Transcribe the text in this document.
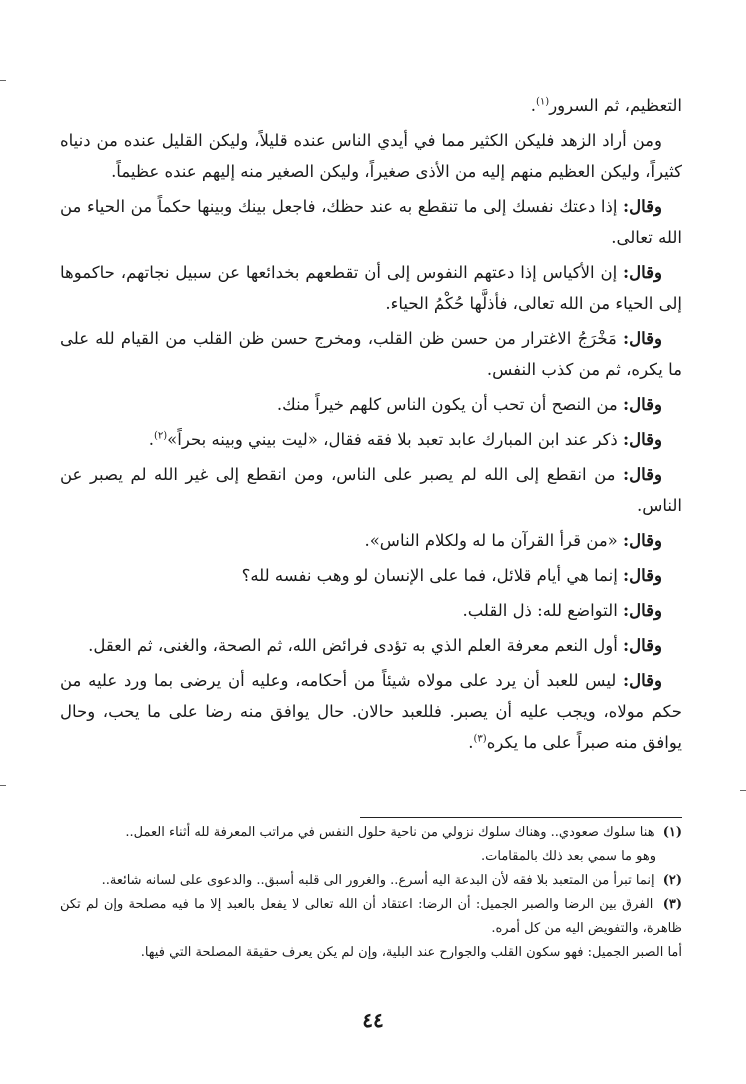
التعظيم، ثم السرور$^{(١)}$.

ومن أراد الزهد فليكن الكثير مما في أيدي الناس عنده قليلاً، وليكن القليل عنده من دنياه كثيراً، وليكن العظيم منهم إليه من الأذى صغيراً، وليكن الصغير منه إليهم عنده عظيماً.

وقال: إذا دعتك نفسك إلى ما تنقطع به عند حظك، فاجعل بينك وبينها حكماً من الحياء من الله تعالى.

وقال: إن الأكياس إذا دعتهم النفوس إلى أن تقطعهم بخدائعها عن سبيل نجاتهم، حاكموها إلى الحياء من الله تعالى، فأذلَّها حُكْمُ الحياء.

وقال: مَخْرَجُ الاغترار من حسن ظن القلب، ومخرج حسن ظن القلب من القيام لله على ما يكره، ثم من كذب النفس.

وقال: من النصح أن تحب أن يكون الناس كلهم خيراً منك.

وقال: ذكر عند ابن المبارك عابد تعبد بلا فقه فقال، «ليت بيني وبينه بحراً»$^{(٢)}$.

وقال: من انقطع إلى الله لم يصبر على الناس، ومن انقطع إلى غير الله لم يصبر عن الناس.

وقال: «من قرأ القرآن ما له ولكلام الناس».

وقال: إنما هي أيام قلائل، فما على الإنسان لو وهب نفسه لله؟

وقال: التواضع لله: ذل القلب.

وقال: أول النعم معرفة العلم الذي به تؤدى فرائض الله، ثم الصحة، والغنى، ثم العقل.

وقال: ليس للعبد أن يرد على مولاه شيئاً من أحكامه، وعليه أن يرضى بما ورد عليه من حكم مولاه، ويجب عليه أن يصبر. فللعبد حالان. حال يوافق منه رضا على ما يحب، وحال يوافق منه صبراً على ما يكره$^{(٣)}$.

(١) هنا سلوك صعودي.. وهناك سلوك نزولي من ناحية حلول النفس في مراتب المعرفة لله أثناء العمل..
وهو ما سمي بعد ذلك بالمقامات.

(٢) إنما تبرأ من المتعبد بلا فقه لأن البدعة اليه أسرع.. والغرور الى قلبه أسبق.. والدعوى على لسانه شائعة..

(٣) الفرق بين الرضا والصبر الجميل: أن الرضا: اعتقاد أن الله تعالى لا يفعل بالعبد إلا ما فيه مصلحة وإن لم تكن ظاهرة، والتفويض اليه من كل أمره.

أما الصبر الجميل: فهو سكون القلب والجوارح عند البلية، وإن لم يكن يعرف حقيقة المصلحة التي فيها.

٤٤
